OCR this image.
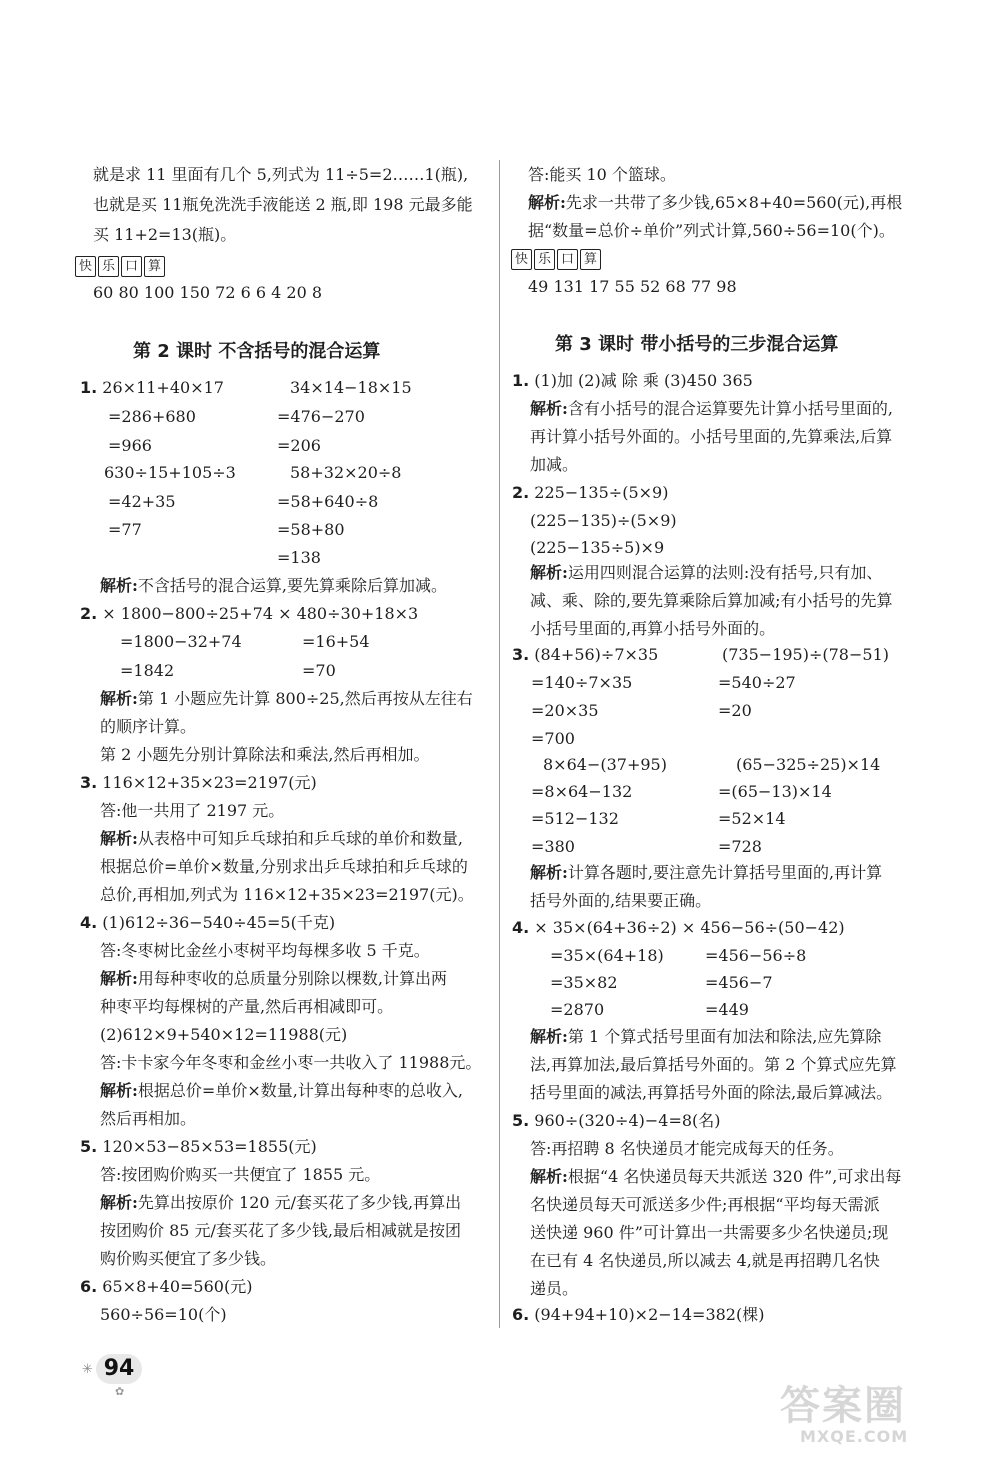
就是求 11 里面有几个 5,列式为 11÷5=2……1(瓶),
也就是买 11瓶免洗洗手液能送 2 瓶,即 198 元最多能
买 11+2=13(瓶)。
60 80 100 150 72 6 6 4 20 8
1. 26×11+40×17	34×14−18×15
=286+680	=476−270
=966	=206
630÷15+105÷3	58+32×20÷8
=42+35	=58+640÷8
=77	=58+80
=138
解析:不含括号的混合运算,要先算乘除后算加减。
2. × 1800−800÷25+74 × 480÷30+18×3
=1800−32+74	=16+54
=1842	=70
解析:第 1 小题应先计算 800÷25,然后再按从左往右
的顺序计算。
第 2 小题先分别计算除法和乘法,然后再相加。
3. 116×12+35×23=2197(元)
答:他一共用了 2197 元。
解析:从表格中可知乒乓球拍和乒乓球的单价和数量,
根据总价=单价×数量,分别求出乒乓球拍和乒乓球的
总价,再相加,列式为 116×12+35×23=2197(元)。
4. (1)612÷36−540÷45=5(千克)
答:冬枣树比金丝小枣树平均每棵多收 5 千克。
解析:用每种枣收的总质量分别除以棵数,计算出两
种枣平均每棵树的产量,然后再相减即可。
(2)612×9+540×12=11988(元)
答:卡卡家今年冬枣和金丝小枣一共收入了 11988元。
解析:根据总价=单价×数量,计算出每种枣的总收入,
然后再相加。
5. 120×53−85×53=1855(元)
答:按团购价购买一共便宜了 1855 元。
解析:先算出按原价 120 元/套买花了多少钱,再算出
按团购价 85 元/套买花了多少钱,最后相减就是按团
购价购买便宜了多少钱。
6. 65×8+40=560(元)
560÷56=10(个)
快 乐 口 算
第 2 课时 不含括号的混合运算
答:能买 10 个篮球。
解析:先求一共带了多少钱,65×8+40=560(元),再根
据“数量=总价÷单价”列式计算,560÷56=10(个)。
49 131 17 55 52 68 77 98
1. (1)加 (2)减 除 乘 (3)450 365
解析:含有小括号的混合运算要先计算小括号里面的,
再计算小括号外面的。小括号里面的,先算乘法,后算
加减。
2. 225−135÷(5×9)
(225−135)÷(5×9)
(225−135÷5)×9
解析:运用四则混合运算的法则:没有括号,只有加、
减、乘、除的,要先算乘除后算加减;有小括号的先算
小括号里面的,再算小括号外面的。
3. (84+56)÷7×35	(735−195)÷(78−51)
=140÷7×35	=540÷27
=20×35	=20
=700
8×64−(37+95)	(65−325÷25)×14
=8×64−132	=(65−13)×14
=512−132	=52×14
=380	=728
解析:计算各题时,要注意先计算括号里面的,再计算
括号外面的,结果要正确。
4. × 35×(64+36÷2) × 456−56÷(50−42)
=35×(64+18)	=456−56÷8
=35×82	=456−7
=2870	=449
解析:第 1 个算式括号里面有加法和除法,应先算除
法,再算加法,最后算括号外面的。第 2 个算式应先算
括号里面的减法,再算括号外面的除法,最后算减法。
5. 960÷(320÷4)−4=8(名)
答:再招聘 8 名快递员才能完成每天的任务。
解析:根据“4 名快递员每天共派送 320 件”,可求出每
名快递员每天可派送多少件;再根据“平均每天需派
送快递 960 件”可计算出一共需要多少名快递员;现
在已有 4 名快递员,所以减去 4,就是再招聘几名快
递员。
6. (94+94+10)×2−14=382(棵)
快 乐 口 算
第 3 课时 带小括号的三步混合运算
✳ 94
✿	答案圈
MXQE.COM
